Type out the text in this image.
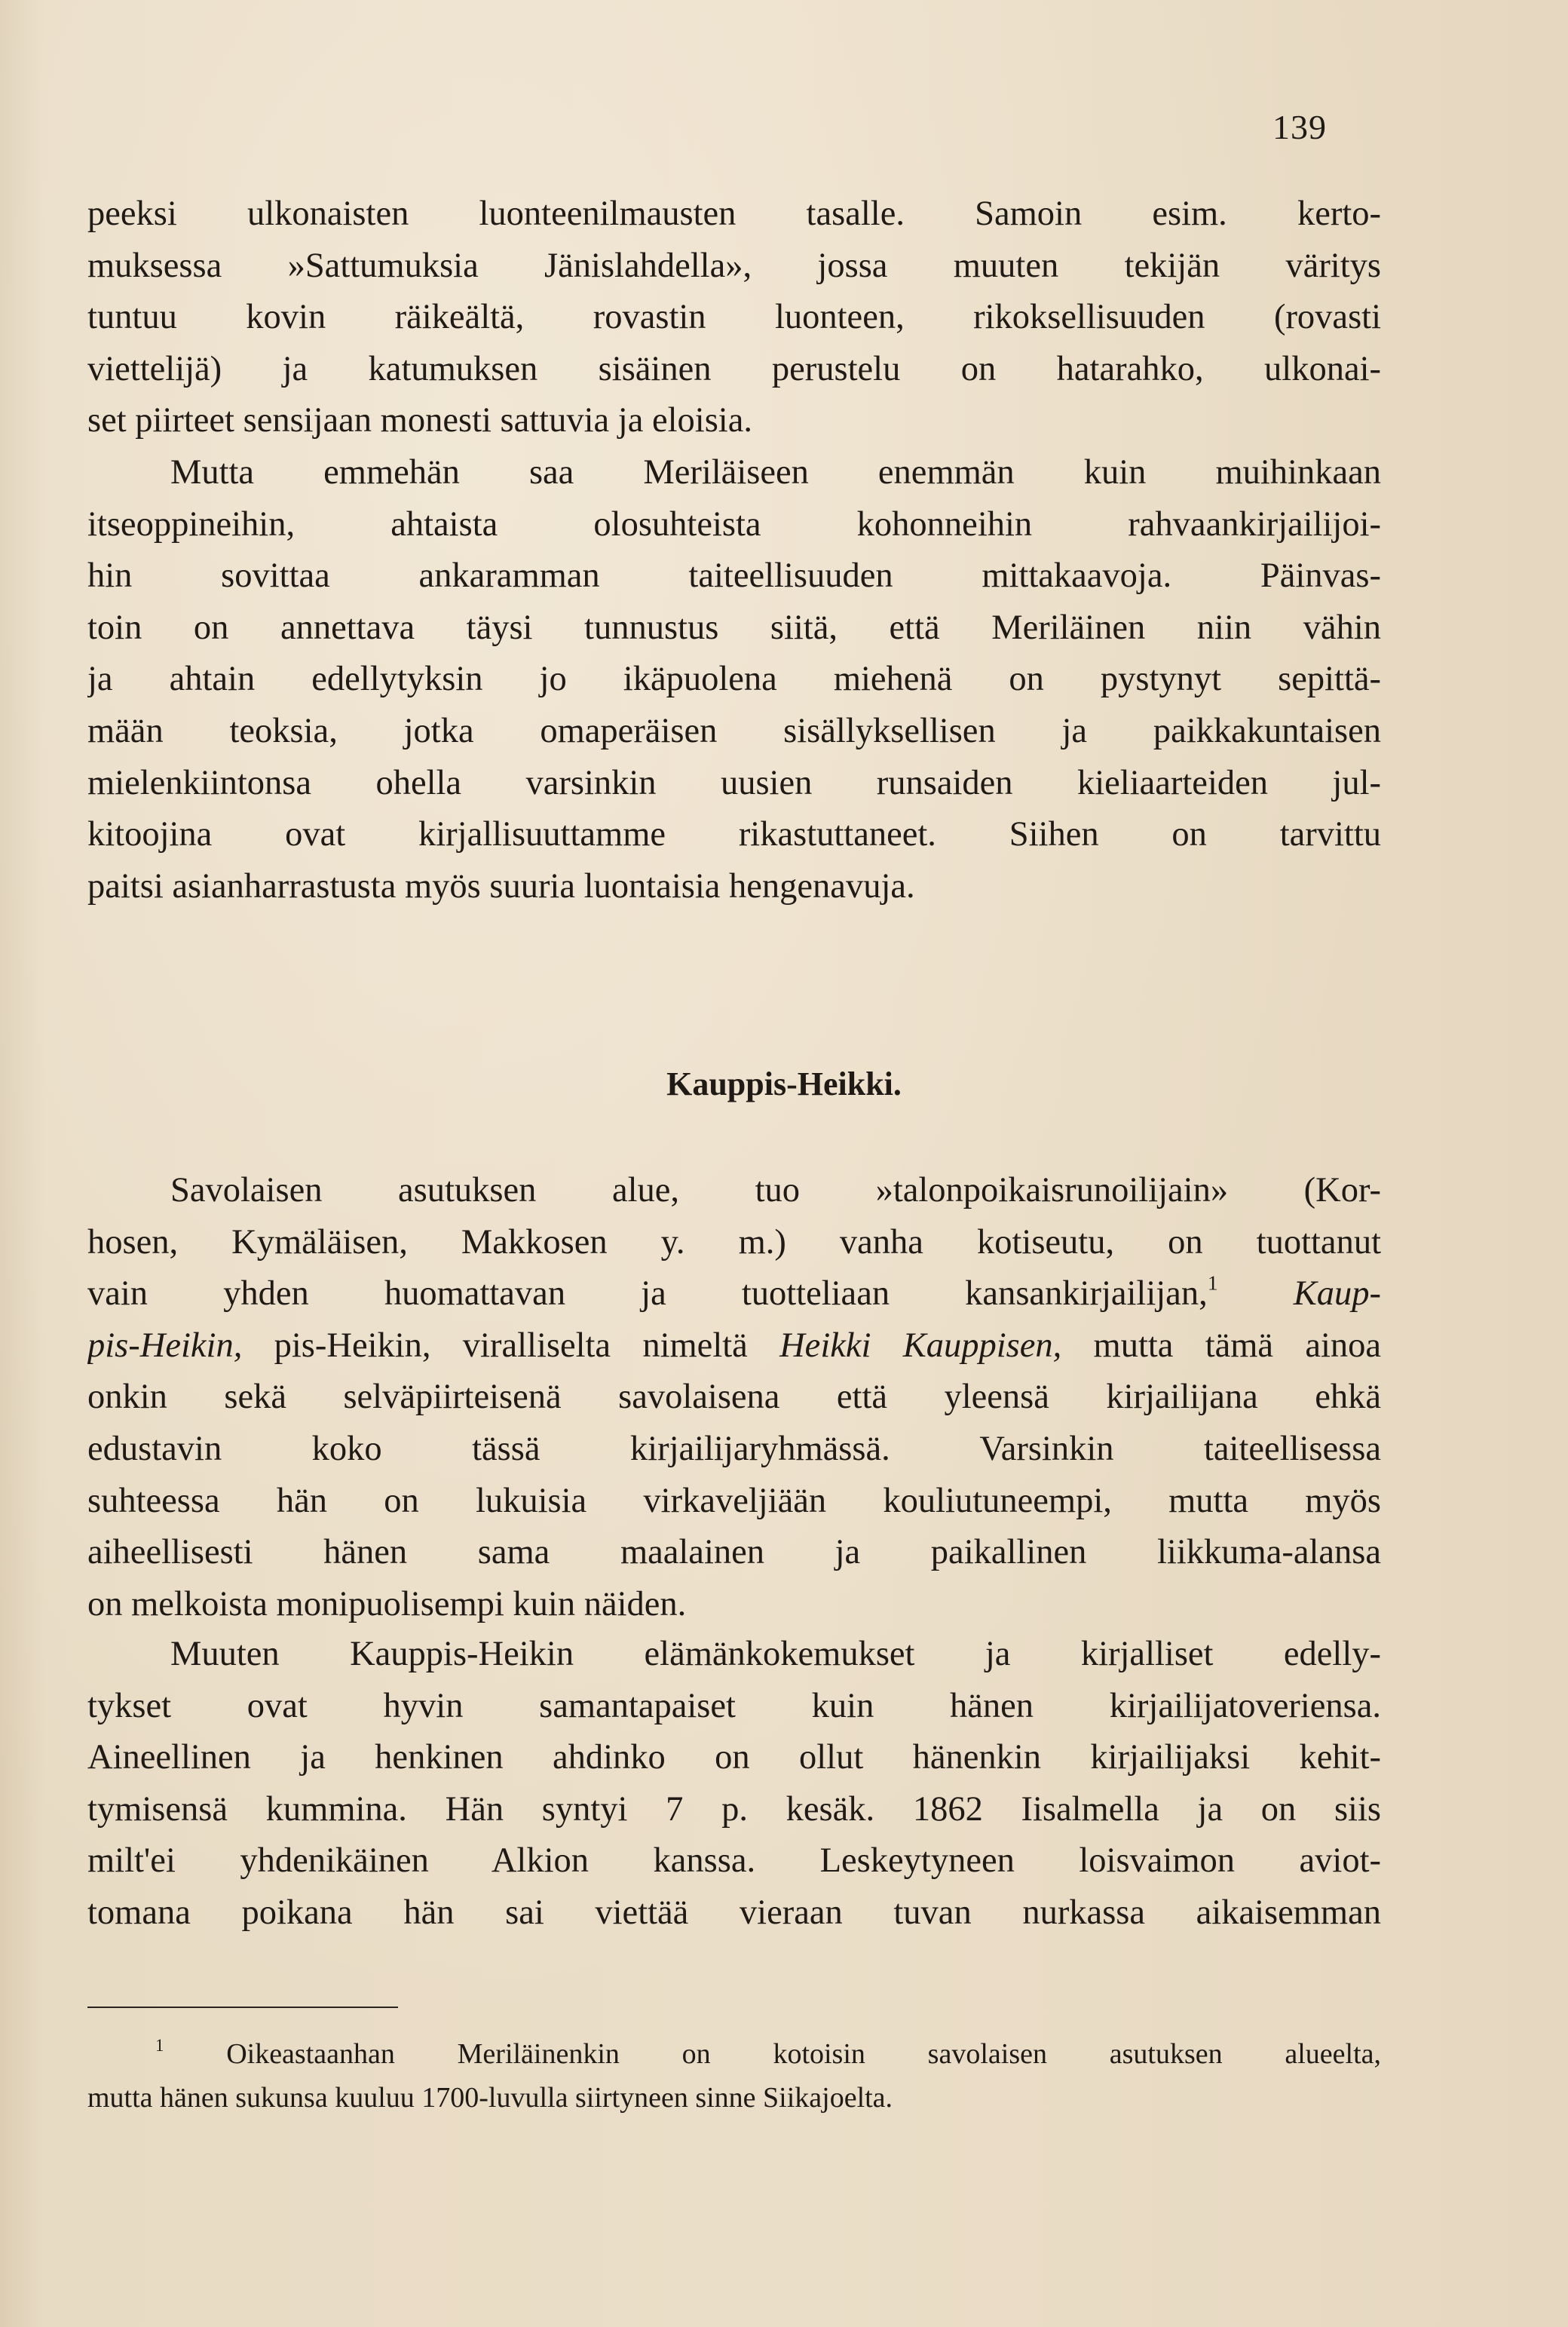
139
peeksi ulkonaisten luonteenilmausten tasalle. Samoin esim. kerto-
muksessa »Sattumuksia Jänislahdella», jossa muuten tekijän väritys
tuntuu kovin räikeältä, rovastin luonteen, rikoksellisuuden (rovasti
viettelijä) ja katumuksen sisäinen perustelu on hatarahko, ulkonai-
set piirteet sensijaan monesti sattuvia ja eloisia.
Mutta emmehän saa Meriläiseen enemmän kuin muihinkaan
itseoppineihin, ahtaista olosuhteista kohonneihin rahvaankirjailijoi-
hin sovittaa ankaramman taiteellisuuden mittakaavoja. Päinvas-
toin on annettava täysi tunnustus siitä, että Meriläinen niin vähin
ja ahtain edellytyksin jo ikäpuolena miehenä on pystynyt sepittä-
mään teoksia, jotka omaperäisen sisällyksellisen ja paikkakuntaisen
mielenkiintonsa ohella varsinkin uusien runsaiden kieliaarteiden jul-
kitoojina ovat kirjallisuuttamme rikastuttaneet. Siihen on tarvittu
paitsi asianharrastusta myös suuria luontaisia hengenavuja.
Kauppis-Heikki.
Savolaisen asutuksen alue, tuo »talonpoikaisrunoilijain» (Kor-
hosen, Kymäläisen, Makkosen y. m.) vanha kotiseutu, on tuottanut
vain yhden huomattavan ja tuotteliaan kansankirjailijan,$^1$ Kaup-
pis-Heikin, pis-Heikin, viralliselta nimeltä Heikki Kauppisen, mutta tämä ainoa
onkin sekä selväpiirteisenä savolaisena että yleensä kirjailijana ehkä
edustavin koko tässä kirjailijaryhmässä. Varsinkin taiteellisessa
suhteessa hän on lukuisia virkaveljiään kouliutuneempi, mutta myös
aiheellisesti hänen sama maalainen ja paikallinen liikkuma-alansa
on melkoista monipuolisempi kuin näiden.
Muuten Kauppis-Heikin elämänkokemukset ja kirjalliset edelly-
tykset ovat hyvin samantapaiset kuin hänen kirjailijatoveriensa.
Aineellinen ja henkinen ahdinko on ollut hänenkin kirjailijaksi kehit-
tymisensä kummina. Hän syntyi 7 p. kesäk. 1862 Iisalmella ja on siis
milt'ei yhdenikäinen Alkion kanssa. Leskeytyneen loisvaimon aviot-
tomana poikana hän sai viettää vieraan tuvan nurkassa aikaisemman
$^1$ Oikeastaanhan Meriläinenkin on kotoisin savolaisen asutuksen alueelta,
mutta hänen sukunsa kuuluu 1700-luvulla siirtyneen sinne Siikajoelta.
